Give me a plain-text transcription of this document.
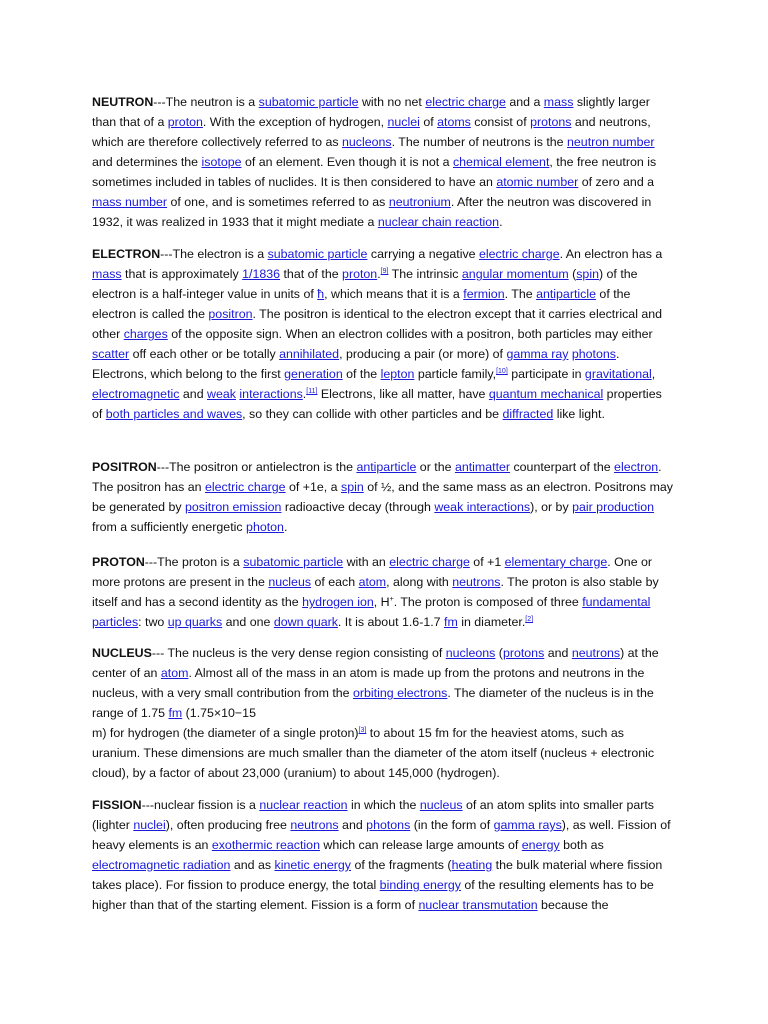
NEUTRON---The neutron is a subatomic particle with no net electric charge and a mass slightly larger than that of a proton. With the exception of hydrogen, nuclei of atoms consist of protons and neutrons, which are therefore collectively referred to as nucleons. The number of neutrons is the neutron number and determines the isotope of an element. Even though it is not a chemical element, the free neutron is sometimes included in tables of nuclides. It is then considered to have an atomic number of zero and a mass number of one, and is sometimes referred to as neutronium. After the neutron was discovered in 1932, it was realized in 1933 that it might mediate a nuclear chain reaction.

ELECTRON---The electron is a subatomic particle carrying a negative electric charge. An electron has a mass that is approximately 1/1836 that of the proton.[9] The intrinsic angular momentum (spin) of the electron is a half-integer value in units of ħ, which means that it is a fermion. The antiparticle of the electron is called the positron. The positron is identical to the electron except that it carries electrical and other charges of the opposite sign. When an electron collides with a positron, both particles may either scatter off each other or be totally annihilated, producing a pair (or more) of gamma ray photons. Electrons, which belong to the first generation of the lepton particle family,[10] participate in gravitational, electromagnetic and weak interactions.[11] Electrons, like all matter, have quantum mechanical properties of both particles and waves, so they can collide with other particles and be diffracted like light.

POSITRON---The positron or antielectron is the antiparticle or the antimatter counterpart of the electron. The positron has an electric charge of +1e, a spin of ½, and the same mass as an electron. Positrons may be generated by positron emission radioactive decay (through weak interactions), or by pair production from a sufficiently energetic photon.

PROTON---The proton is a subatomic particle with an electric charge of +1 elementary charge. One or more protons are present in the nucleus of each atom, along with neutrons. The proton is also stable by itself and has a second identity as the hydrogen ion, H+. The proton is composed of three fundamental particles: two up quarks and one down quark. It is about 1.6-1.7 fm in diameter.[2]

NUCLEUS--- The nucleus is the very dense region consisting of nucleons (protons and neutrons) at the center of an atom. Almost all of the mass in an atom is made up from the protons and neutrons in the nucleus, with a very small contribution from the orbiting electrons. The diameter of the nucleus is in the range of 1.75 fm (1.75×10−15
m) for hydrogen (the diameter of a single proton)[3] to about 15 fm for the heaviest atoms, such as uranium. These dimensions are much smaller than the diameter of the atom itself (nucleus + electronic cloud), by a factor of about 23,000 (uranium) to about 145,000 (hydrogen).

FISSION---nuclear fission is a nuclear reaction in which the nucleus of an atom splits into smaller parts (lighter nuclei), often producing free neutrons and photons (in the form of gamma rays), as well. Fission of heavy elements is an exothermic reaction which can release large amounts of energy both as electromagnetic radiation and as kinetic energy of the fragments (heating the bulk material where fission takes place). For fission to produce energy, the total binding energy of the resulting elements has to be higher than that of the starting element. Fission is a form of nuclear transmutation because the
